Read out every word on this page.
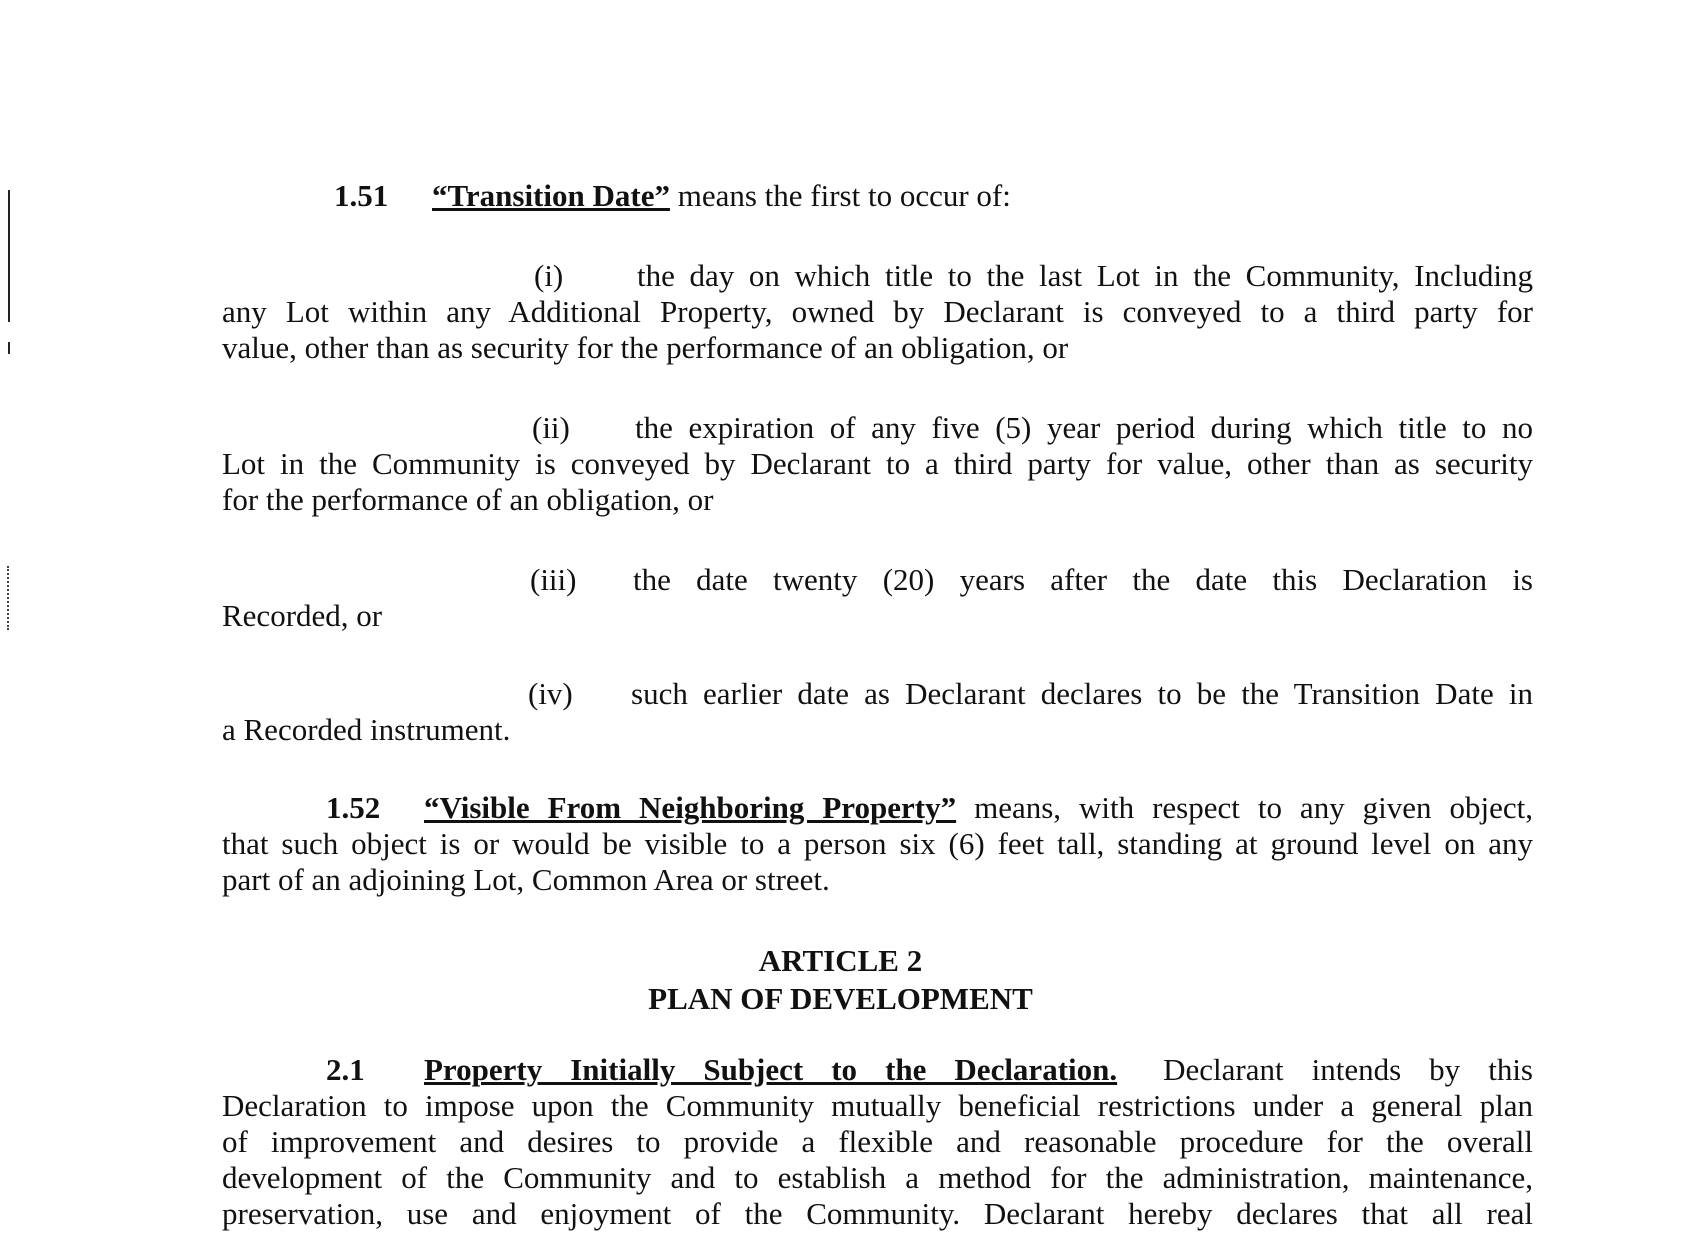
1.51 “Transition Date” means the first to occur of:

(i) the day on which title to the last Lot in the Community, Including
any Lot within any Additional Property, owned by Declarant is conveyed to a third party for
value, other than as security for the performance of an obligation, or
(ii) the expiration of any five (5) year period during which title to no
Lot in the Community is conveyed by Declarant to a third party for value, other than as security
for the performance of an obligation, or
(iii) the date twenty (20) years after the date this Declaration is
Recorded, or
(iv) such earlier date as Declarant declares to be the Transition Date in
a Recorded instrument.
1.52 “Visible From Neighboring Property” means, with respect to any given object,
that such object is or would be visible to a person six (6) feet tall, standing at ground level on any
part of an adjoining Lot, Common Area or street.
ARTICLE 2
PLAN OF DEVELOPMENT
2.1 Property Initially Subject to the Declaration. Declarant intends by this
Declaration to impose upon the Community mutually beneficial restrictions under a general plan
of improvement and desires to provide a flexible and reasonable procedure for the overall
development of the Community and to establish a method for the administration, maintenance,
preservation, use and enjoyment of the Community. Declarant hereby declares that all real
